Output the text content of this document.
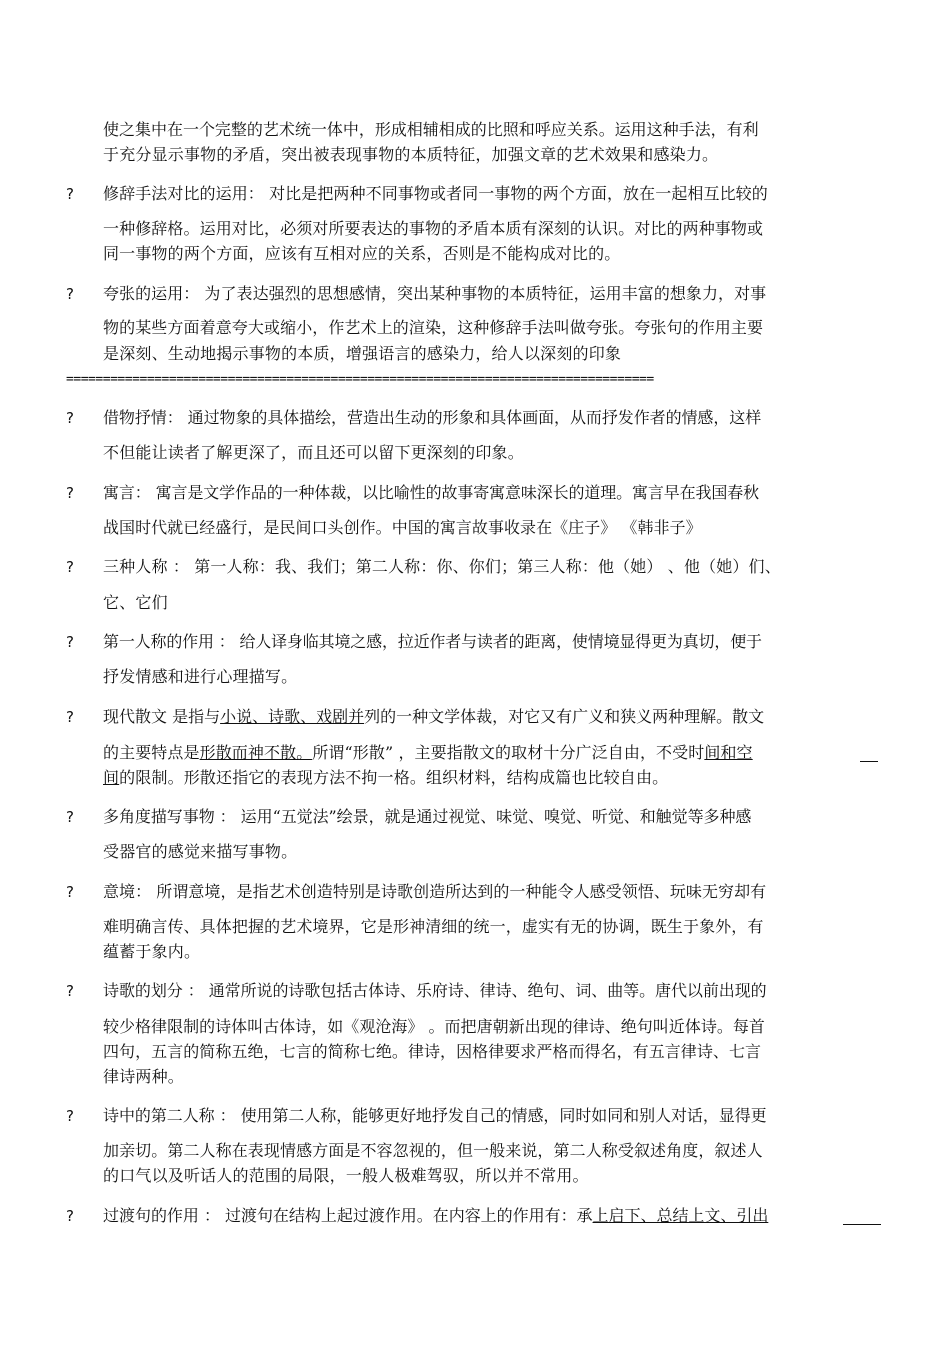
使之集中在一个完整的艺术统一体中，形成相辅相成的比照和呼应关系。运用这种手法，有利
于充分显示事物的矛盾，突出被表现事物的本质特征，加强文章的艺术效果和感染力。
? 修辞手法对比的运用： 对比是把两种不同事物或者同一事物的两个方面，放在一起相互比较的
一种修辞格。运用对比，必须对所要表达的事物的矛盾本质有深刻的认识。对比的两种事物或
同一事物的两个方面，应该有互相对应的关系，否则是不能构成对比的。
? 夸张的运用： 为了表达强烈的思想感情，突出某种事物的本质特征，运用丰富的想象力，对事
物的某些方面着意夸大或缩小，作艺术上的渲染，这种修辞手法叫做夸张。夸张句的作用主要
是深刻、生动地揭示事物的本质，增强语言的感染力，给人以深刻的印象
================================================================================
? 借物抒情： 通过物象的具体描绘，营造出生动的形象和具体画面，从而抒发作者的情感，这样
不但能让读者了解更深了，而且还可以留下更深刻的印象。
? 寓言： 寓言是文学作品的一种体裁，以比喻性的故事寄寓意味深长的道理。寓言早在我国春秋
战国时代就已经盛行，是民间口头创作。中国的寓言故事收录在《庄子》 《韩非子》
? 三种人称 ： 第一人称：我、我们；第二人称：你、你们；第三人称：他（她） 、他（她）们、
它、它们
? 第一人称的作用 ： 给人译身临其境之感，拉近作者与读者的距离，使情境显得更为真切，便于
抒发情感和进行心理描写。
? 现代散文 是指与小说、诗歌、戏剧并列的一种文学体裁，对它又有广义和狭义两种理解。散文
的主要特点是形散而神不散。所谓“形散” ，主要指散文的取材十分广泛自由，不受时间和空
间的限制。形散还指它的表现方法不拘一格。组织材料，结构成篇也比较自由。
? 多角度描写事物 ： 运用“五觉法”绘景，就是通过视觉、味觉、嗅觉、听觉、和触觉等多种感
受器官的感觉来描写事物。
? 意境： 所谓意境，是指艺术创造特别是诗歌创造所达到的一种能令人感受领悟、玩味无穷却有
难明确言传、具体把握的艺术境界，它是形神清细的统一，虚实有无的协调，既生于象外，有
蕴蓄于象内。
? 诗歌的划分 ： 通常所说的诗歌包括古体诗、乐府诗、律诗、绝句、词、曲等。唐代以前出现的
较少格律限制的诗体叫古体诗，如《观沧海》 。而把唐朝新出现的律诗、绝句叫近体诗。每首
四句，五言的简称五绝，七言的简称七绝。律诗，因格律要求严格而得名，有五言律诗、七言
律诗两种。
? 诗中的第二人称 ： 使用第二人称，能够更好地抒发自己的情感，同时如同和别人对话，显得更
加亲切。第二人称在表现情感方面是不容忽视的，但一般来说，第二人称受叙述角度，叙述人
的口气以及听话人的范围的局限，一般人极难驾驭，所以并不常用。
? 过渡句的作用 ： 过渡句在结构上起过渡作用。在内容上的作用有：承上启下、总结上文、引出
